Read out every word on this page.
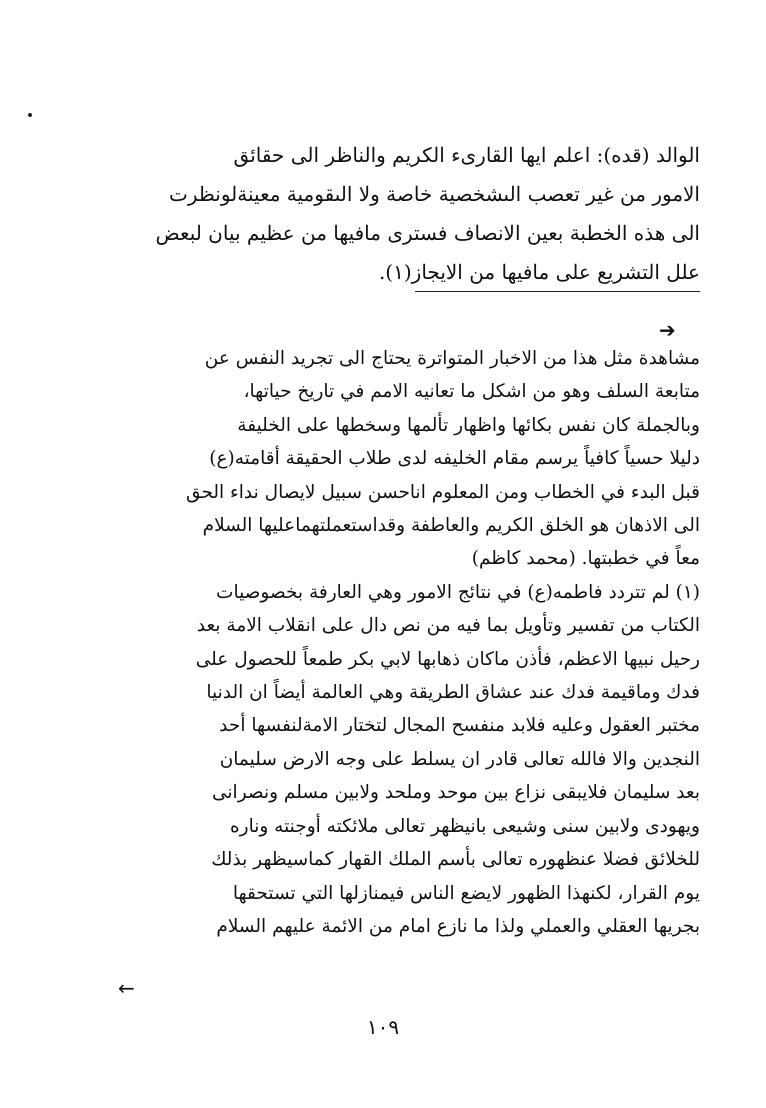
الوالد (قده): اعلم ايها القارىء الكريم والناظر الى حقائق
الامور من غير تعصب الىشخصية خاصة ولا الىقومية معينةلونظرت
الى هذه الخطبة بعين الانصاف فسترى مافيها من عظيم بيان لبعض
علل التشريع على مافيها من الايجاز(١).
➔
مشاهدة مثل هذا من الاخبار المتواترة يحتاج الى تجريد النفس عن
متابعة السلف وهو من اشكل ما تعانيه الامم في تاريخ حياتها،
وبالجملة كان نفس بكائها واظهار تألمها وسخطها على الخليفة
دليلا حسياً كافياً يرسم مقام الخليفه لدى طلاب الحقيقة أقامته(ع)
قبل البدء في الخطاب ومن المعلوم اناحسن سبيل لايصال نداء الحق
الى الاذهان هو الخلق الكريم والعاطفة وقداستعملتهماعليها السلام
معاً في خطبتها. (محمد كاظم)
(١) لم تتردد فاطمه(ع) في نتائج الامور وهي العارفة بخصوصيات
الكتاب من تفسير وتأويل بما فيه من نص دال على انقلاب الامة بعد
رحيل نبيها الاعظم، فأذن ماكان ذهابها لابي بكر طمعاً للحصول على
فدك وماقيمة فدك عند عشاق الطريقة وهي العالمة أيضاً ان الدنيا
مختبر العقول وعليه فلابد منفسح المجال لتختار الامةلنفسها أحد
النجدين والا فالله تعالى قادر ان يسلط على وجه الارض سليمان
بعد سليمان فلايبقى نزاع بين موحد وملحد ولابين مسلم ونصرانى
ويهودى ولابين سنى وشيعى بانيظهر تعالى ملائكته أوجنته وناره
للخلائق فضلا عنظهوره تعالى بأسم الملك القهار كماسيظهر بذلك
يوم القرار، لكنهذا الظهور لايضع الناس فيمنازلها التي تستحقها
بجريها العقلي والعملي ولذا ما نازع امام من الائمة عليهم السلام
←
١٠٩
